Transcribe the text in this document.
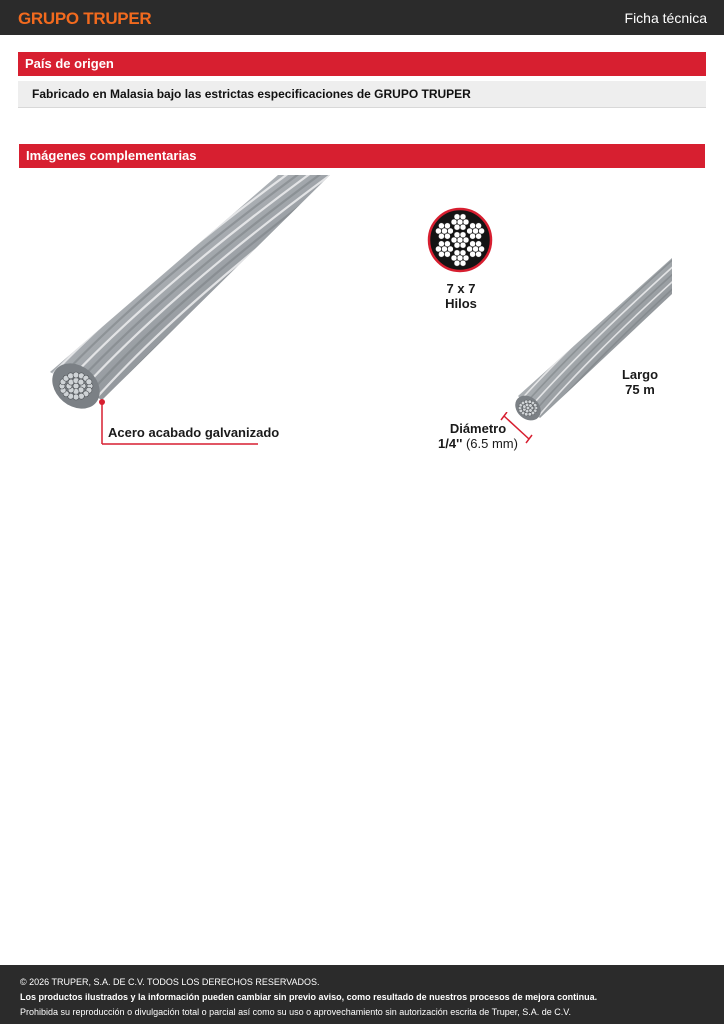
GRUPO TRUPER	Ficha técnica
País de origen
Fabricado en Malasia bajo las estrictas especificaciones de GRUPO TRUPER
Imágenes complementarias
Acero acabado galvanizado
7 x 7
Hilos
Largo
75 m
Diámetro
1/4'' (6.5 mm)
© 2026 TRUPER, S.A. DE C.V. TODOS LOS DERECHOS RESERVADOS.
Los productos ilustrados y la información pueden cambiar sin previo aviso, como resultado de nuestros procesos de mejora continua.
Prohibida su reproducción o divulgación total o parcial así como su uso o aprovechamiento sin autorización escrita de Truper, S.A. de C.V.
